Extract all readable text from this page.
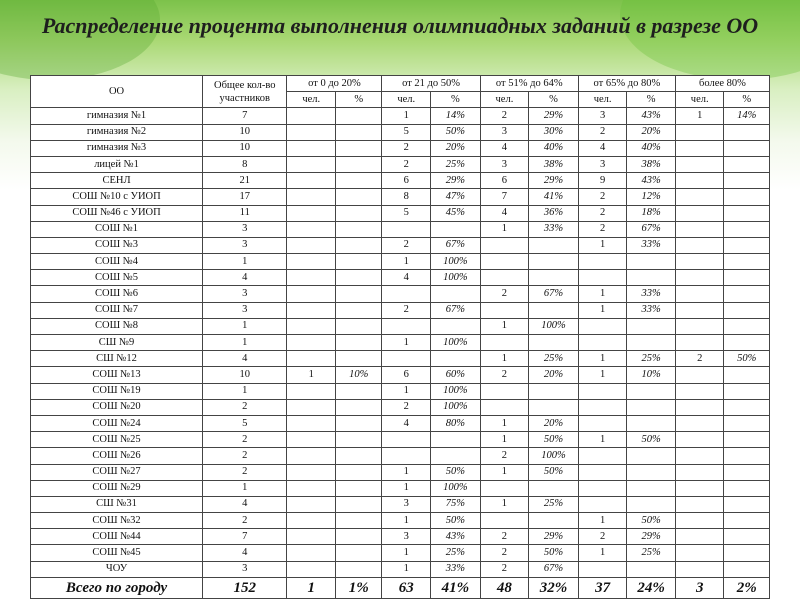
Распределение процента выполнения олимпиадных заданий в разрезе ОО
ОО	Общее кол-во участников	от 0 до 20%		от 21 до 50%		от 51% до 64%		от 65% до 80%		более 80%	
		чел.	%	чел.	%	чел.	%	чел.	%	чел.	%
гимназия №1	7			1	14%	2	29%	3	43%	1	14%
гимназия №2	10			5	50%	3	30%	2	20%		
гимназия №3	10			2	20%	4	40%	4	40%		
лицей №1	8			2	25%	3	38%	3	38%		
СЕНЛ	21			6	29%	6	29%	9	43%		
СОШ №10 с УИОП	17			8	47%	7	41%	2	12%		
СОШ №46 с УИОП	11			5	45%	4	36%	2	18%		
СОШ №1	3					1	33%	2	67%		
СОШ №3	3			2	67%			1	33%		
СОШ №4	1			1	100%						
СОШ №5	4			4	100%						
СОШ №6	3					2	67%	1	33%		
СОШ №7	3			2	67%			1	33%		
СОШ №8	1					1	100%				
СШ №9	1			1	100%						
СШ №12	4					1	25%	1	25%	2	50%
СОШ №13	10	1	10%	6	60%	2	20%	1	10%		
СОШ №19	1			1	100%						
СОШ №20	2			2	100%						
СОШ №24	5			4	80%	1	20%				
СОШ №25	2					1	50%	1	50%		
СОШ №26	2					2	100%				
СОШ №27	2			1	50%	1	50%				
СОШ №29	1			1	100%						
СШ №31	4			3	75%	1	25%				
СОШ №32	2			1	50%			1	50%		
СОШ №44	7			3	43%	2	29%	2	29%		
СОШ №45	4			1	25%	2	50%	1	25%		
ЧОУ	3			1	33%	2	67%				
Всего по городу	152	1	1%	63	41%	48	32%	37	24%	3	2%
